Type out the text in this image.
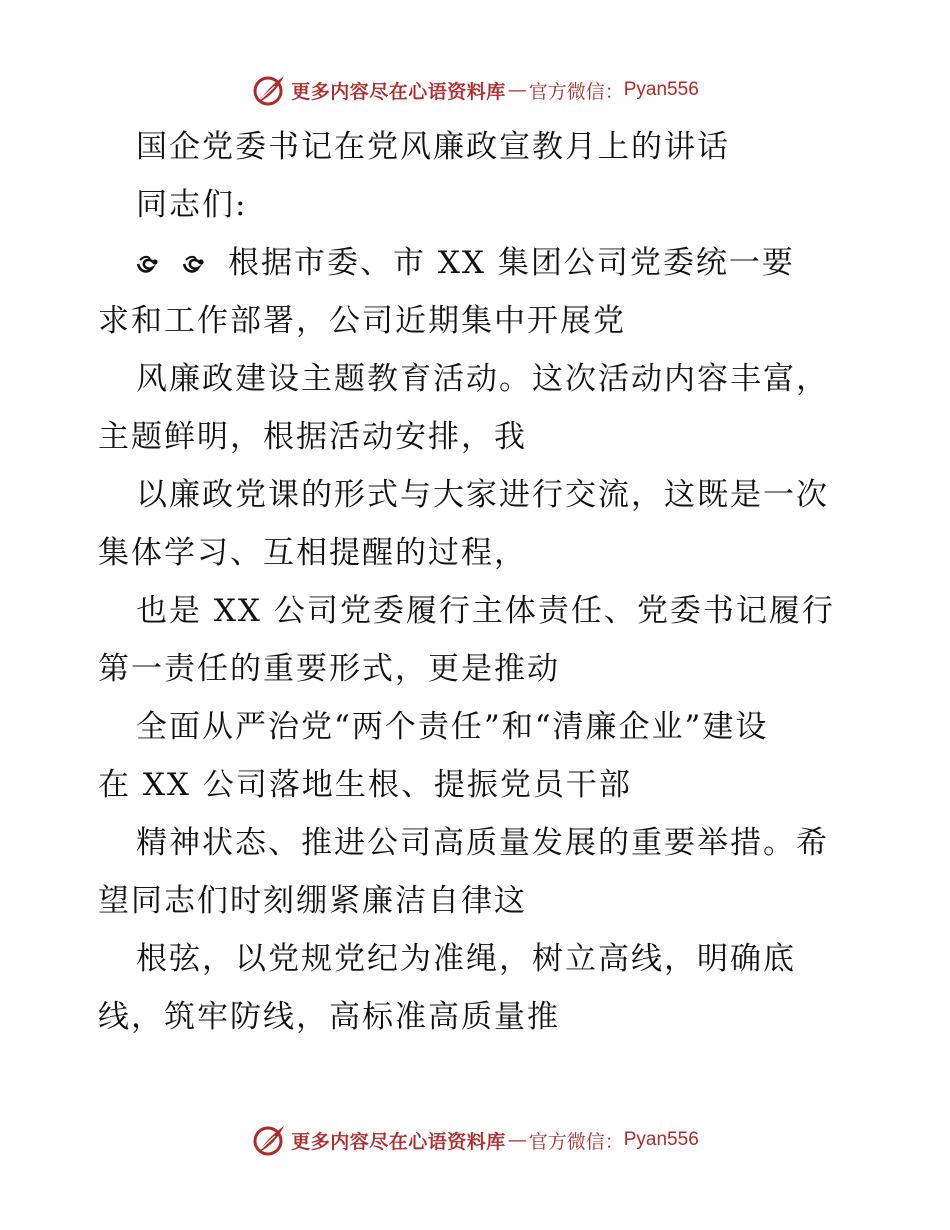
更多内容尽在心语资料库 — 官方微信： Pyan556
国企党委书记在党风廉政宣教月上的讲话
同志们:
根据市委、市 XX 集团公司党委统一要
求和工作部署，公司近期集中开展党
风廉政建设主题教育活动。这次活动内容丰富，
主题鲜明，根据活动安排，我
以廉政党课的形式与大家进行交流，这既是一次
集体学习、互相提醒的过程，
也是 XX 公司党委履行主体责任、党委书记履行
第一责任的重要形式，更是推动
全面从严治党“两个责任”和“清廉企业”建设
在 XX 公司落地生根、提振党员干部
精神状态、推进公司高质量发展的重要举措。希
望同志们时刻绷紧廉洁自律这
根弦，以党规党纪为准绳，树立高线，明确底
线，筑牢防线，高标准高质量推
更多内容尽在心语资料库 — 官方微信： Pyan556
